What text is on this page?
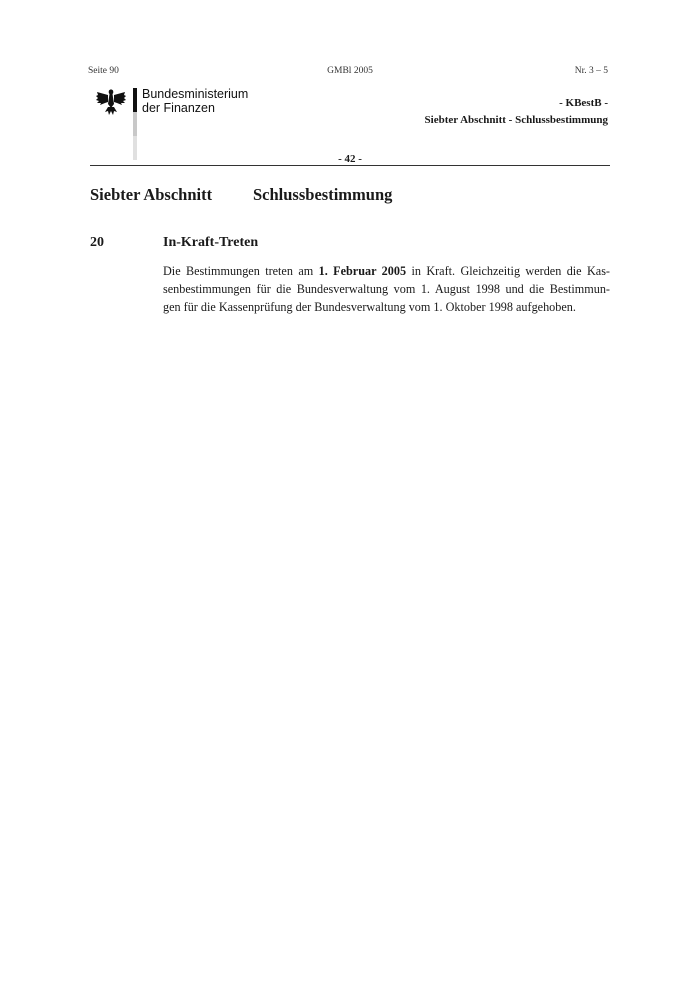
Seite 90	GMBl 2005	Nr. 3 – 5
Bundesministerium
der Finanzen	- KBestB -
Siebter Abschnitt - Schlussbestimmung
- 42 -
Siebter Abschnitt Schlussbestimmung
20	In-Kraft-Treten
Die Bestimmungen treten am 1. Februar 2005 in Kraft. Gleichzeitig werden die Kas-
senbestimmungen für die Bundesverwaltung vom 1. August 1998 und die Bestimmun-
gen für die Kassenprüfung der Bundesverwaltung vom 1. Oktober 1998 aufgehoben.
